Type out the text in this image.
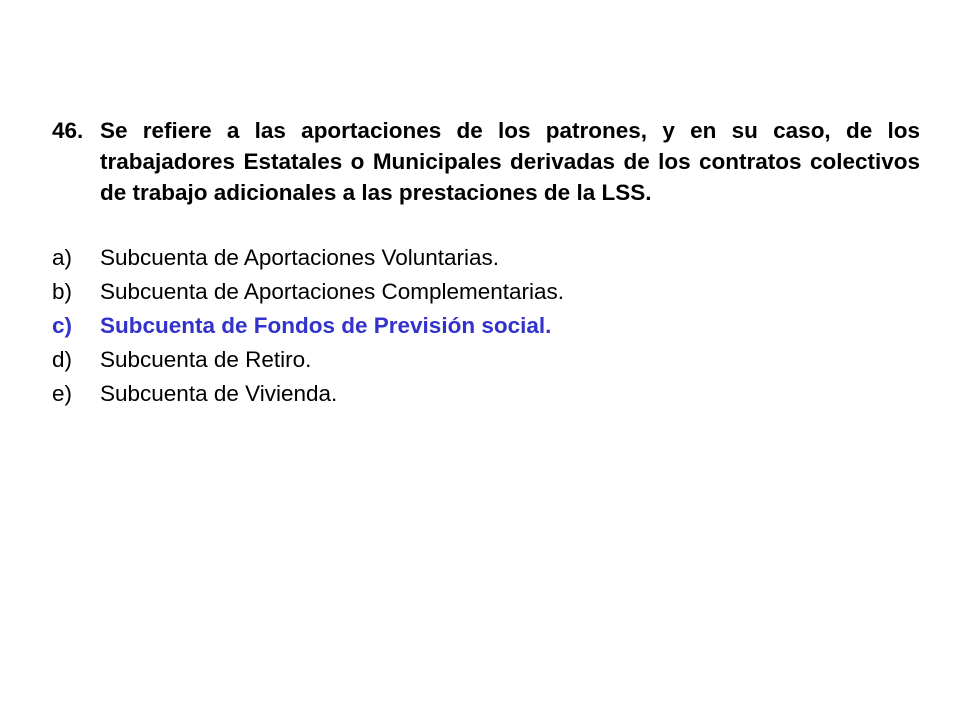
46. Se refiere a las aportaciones de los patrones, y en su caso, de los trabajadores Estatales o Municipales derivadas de los contratos colectivos de trabajo adicionales a las prestaciones de la LSS.
a)	Subcuenta de Aportaciones Voluntarias.
b)	Subcuenta de Aportaciones Complementarias.
c)	Subcuenta de Fondos de Previsión social.
d)	Subcuenta de Retiro.
e)	Subcuenta de Vivienda.
